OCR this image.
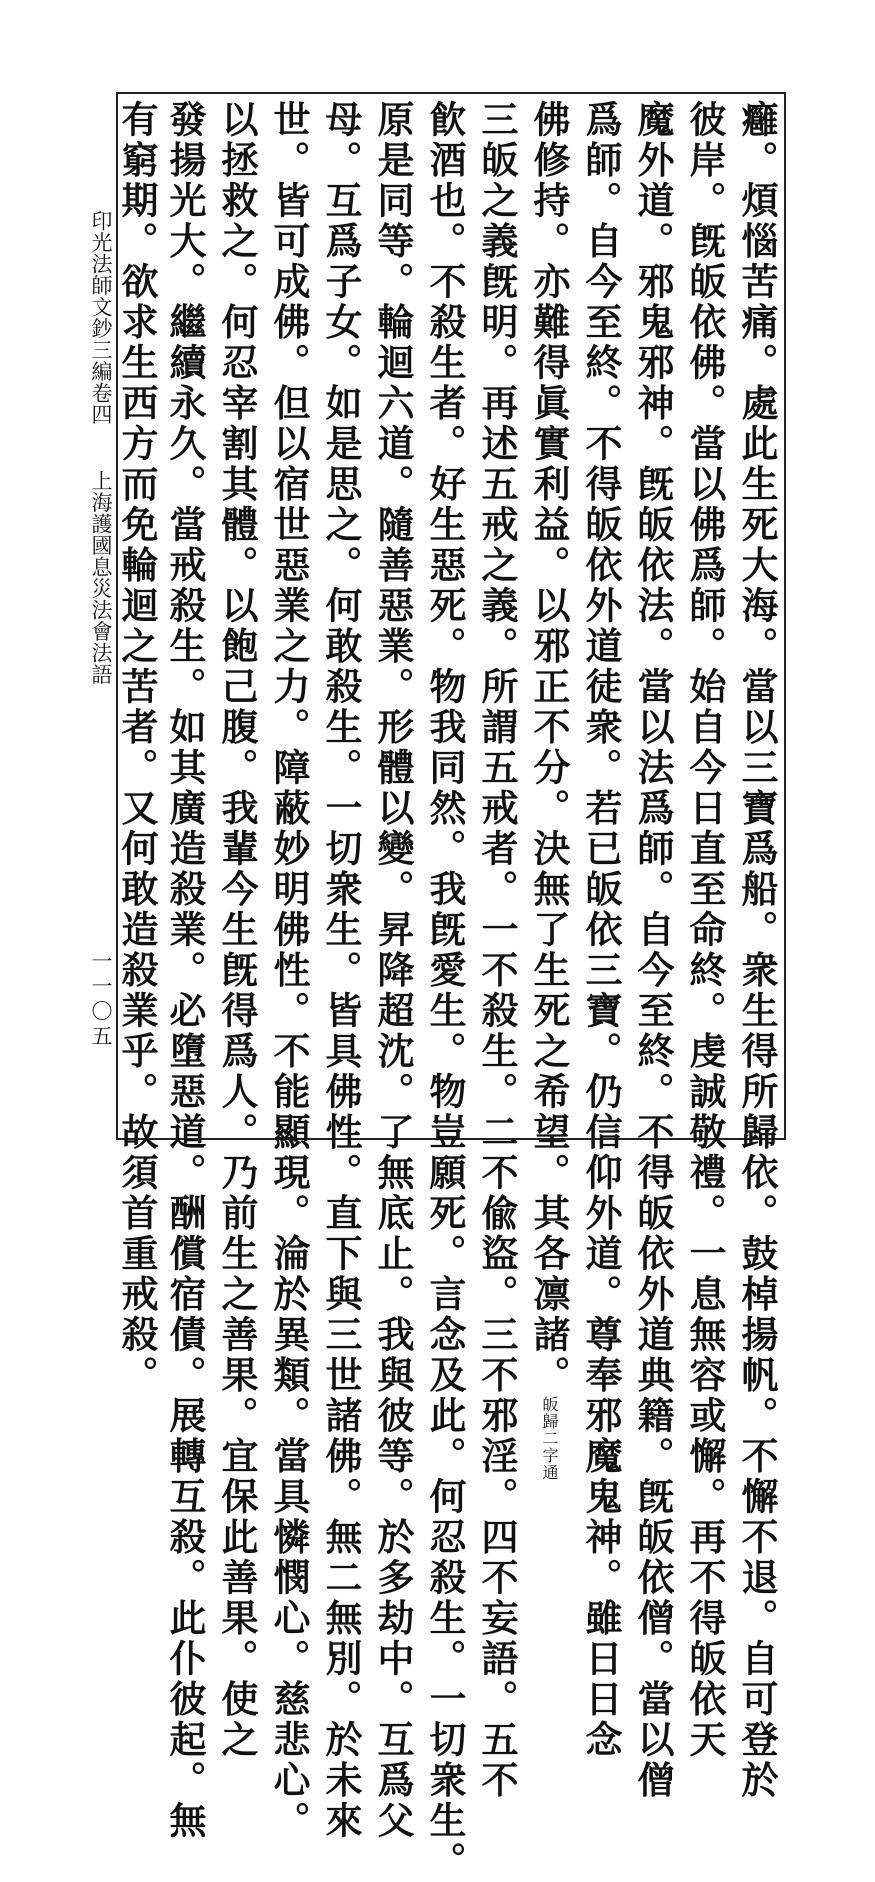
癰。煩惱苦痛。處此生死大海。當以三寶爲船。衆生得所歸依。鼓棹揚帆。不懈不退。自可登於
彼岸。旣皈依佛。當以佛爲師。始自今日直至命終。虔誠敬禮。一息無容或懈。再不得皈依天
魔外道。邪鬼邪神。旣皈依法。當以法爲師。自今至終。不得皈依外道典籍。旣皈依僧。當以僧
爲師。自今至終。不得皈依外道徒衆。若已皈依三寶。仍信仰外道。尊奉邪魔鬼神。雖日日念
佛修持。亦難得眞實利益。以邪正不分。決無了生死之希望。其各凛諸。皈歸二字通
三皈之義旣明。再述五戒之義。所謂五戒者。一不殺生。二不偸盜。三不邪淫。四不妄語。五不
飮酒也。不殺生者。好生惡死。物我同然。我旣愛生。物豈願死。言念及此。何忍殺生。一切衆生。
原是同等。輪迴六道。隨善惡業。形體以變。昇降超沈。了無底止。我與彼等。於多劫中。互爲父
母。互爲子女。如是思之。何敢殺生。一切衆生。皆具佛性。直下與三世諸佛。無二無別。於未來
世。皆可成佛。但以宿世惡業之力。障蔽妙明佛性。不能顯現。淪於異類。當具憐憫心。慈悲心。
以拯救之。何忍宰割其體。以飽己腹。我輩今生旣得爲人。乃前生之善果。宜保此善果。使之
發揚光大。繼續永久。當戒殺生。如其廣造殺業。必墮惡道。酬償宿債。展轉互殺。此仆彼起。無
有窮期。欲求生西方而免輪迴之苦者。又何敢造殺業乎。故須首重戒殺。
印光法師文鈔三編卷四
上海護國息災法會法語
一一〇五
